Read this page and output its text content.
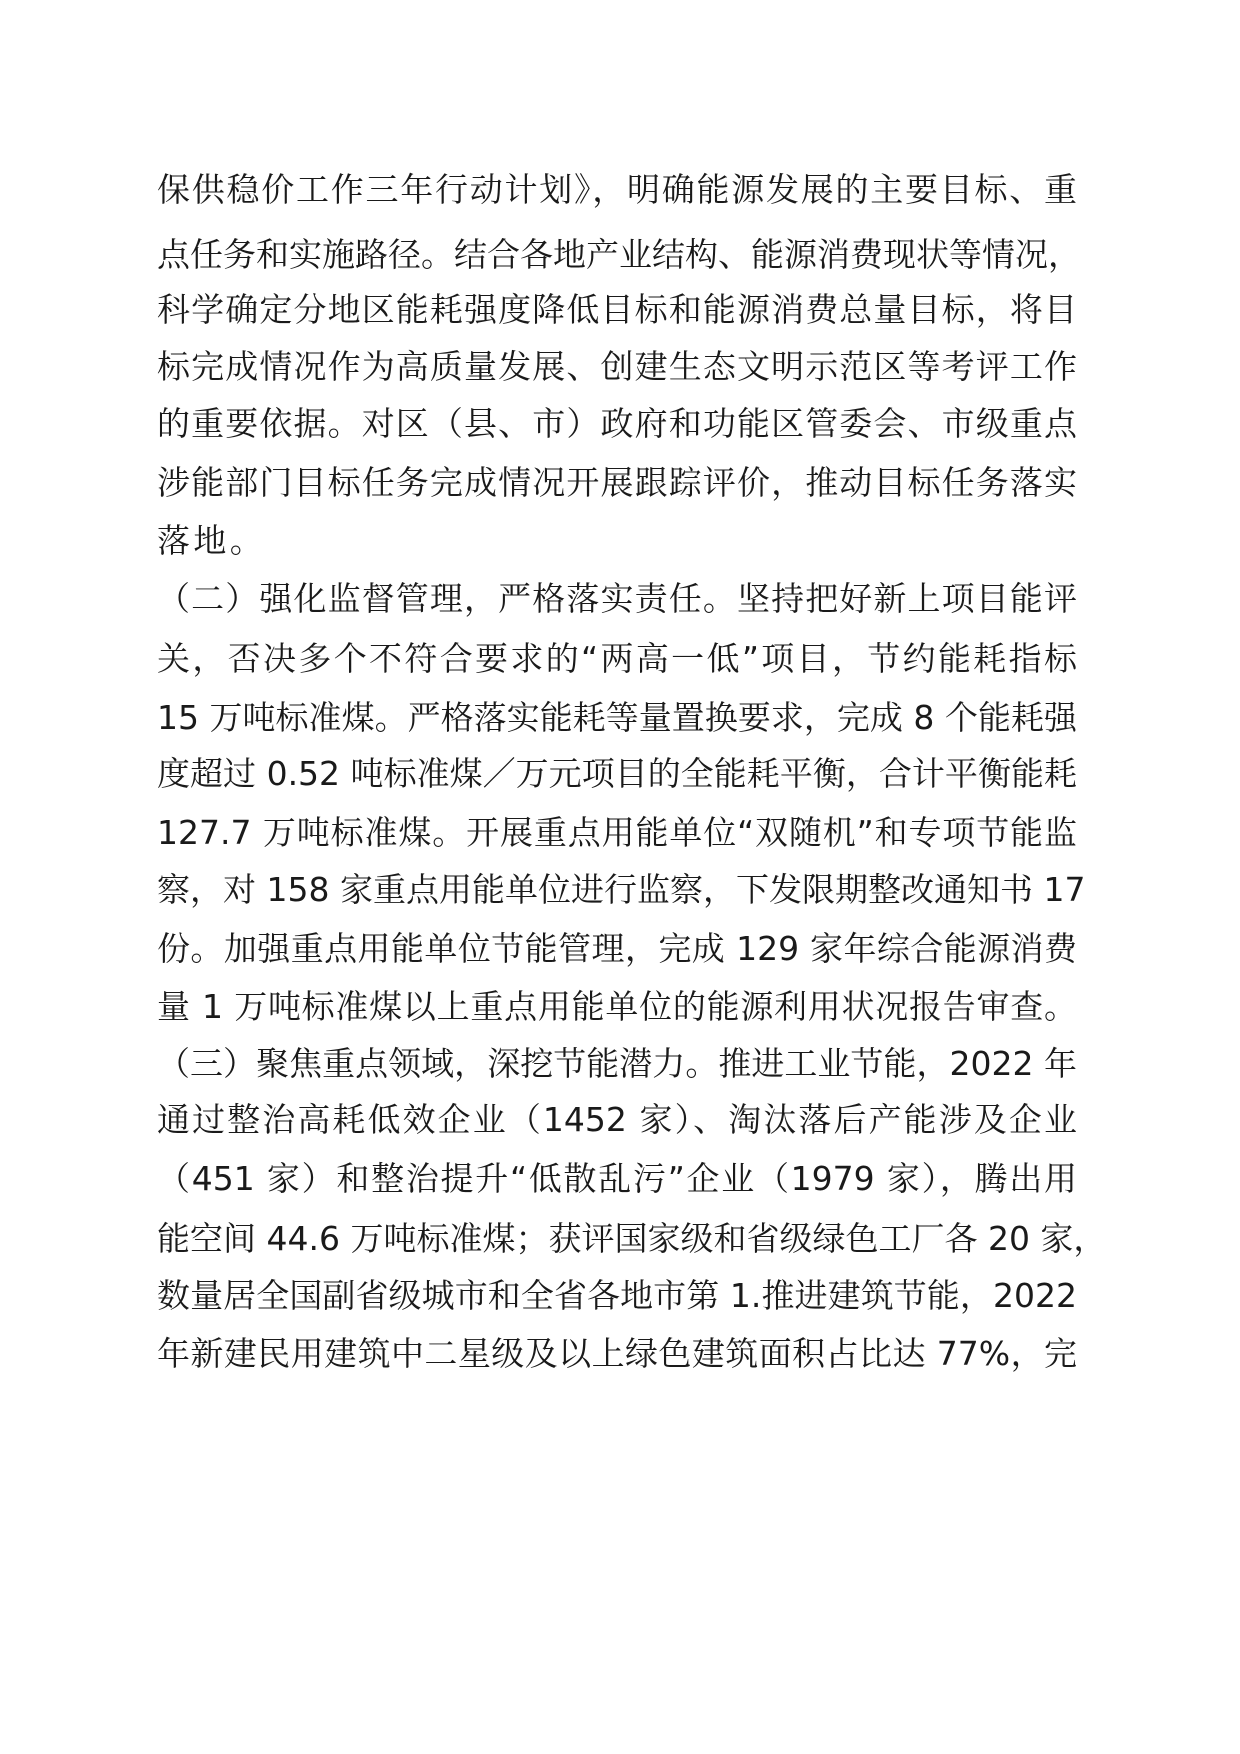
保供稳价工作三年行动计划》，明确能源发展的主要目标、重
点任务和实施路径。结合各地产业结构、能源消费现状等情况，
科学确定分地区能耗强度降低目标和能源消费总量目标，将目
标完成情况作为高质量发展、创建生态文明示范区等考评工作
的重要依据。对区（县、市）政府和功能区管委会、市级重点
涉能部门目标任务完成情况开展跟踪评价，推动目标任务落实
落地。
（二）强化监督管理，严格落实责任。坚持把好新上项目能评
关，否决多个不符合要求的“两高一低”项目，节约能耗指标
15 万吨标准煤。严格落实能耗等量置换要求，完成 8 个能耗强
度超过 0.52 吨标准煤／万元项目的全能耗平衡，合计平衡能耗
127.7 万吨标准煤。开展重点用能单位“双随机”和专项节能监
察，对 158 家重点用能单位进行监察，下发限期整改通知书 17
份。加强重点用能单位节能管理，完成 129 家年综合能源消费
量 1 万吨标准煤以上重点用能单位的能源利用状况报告审查。
（三）聚焦重点领域，深挖节能潜力。推进工业节能，2022 年
通过整治高耗低效企业（1452 家）、淘汰落后产能涉及企业
（451 家）和整治提升“低散乱污”企业（1979 家），腾出用
能空间 44.6 万吨标准煤；获评国家级和省级绿色工厂各 20 家，
数量居全国副省级城市和全省各地市第 1.推进建筑节能，2022
年新建民用建筑中二星级及以上绿色建筑面积占比达 77%，完
